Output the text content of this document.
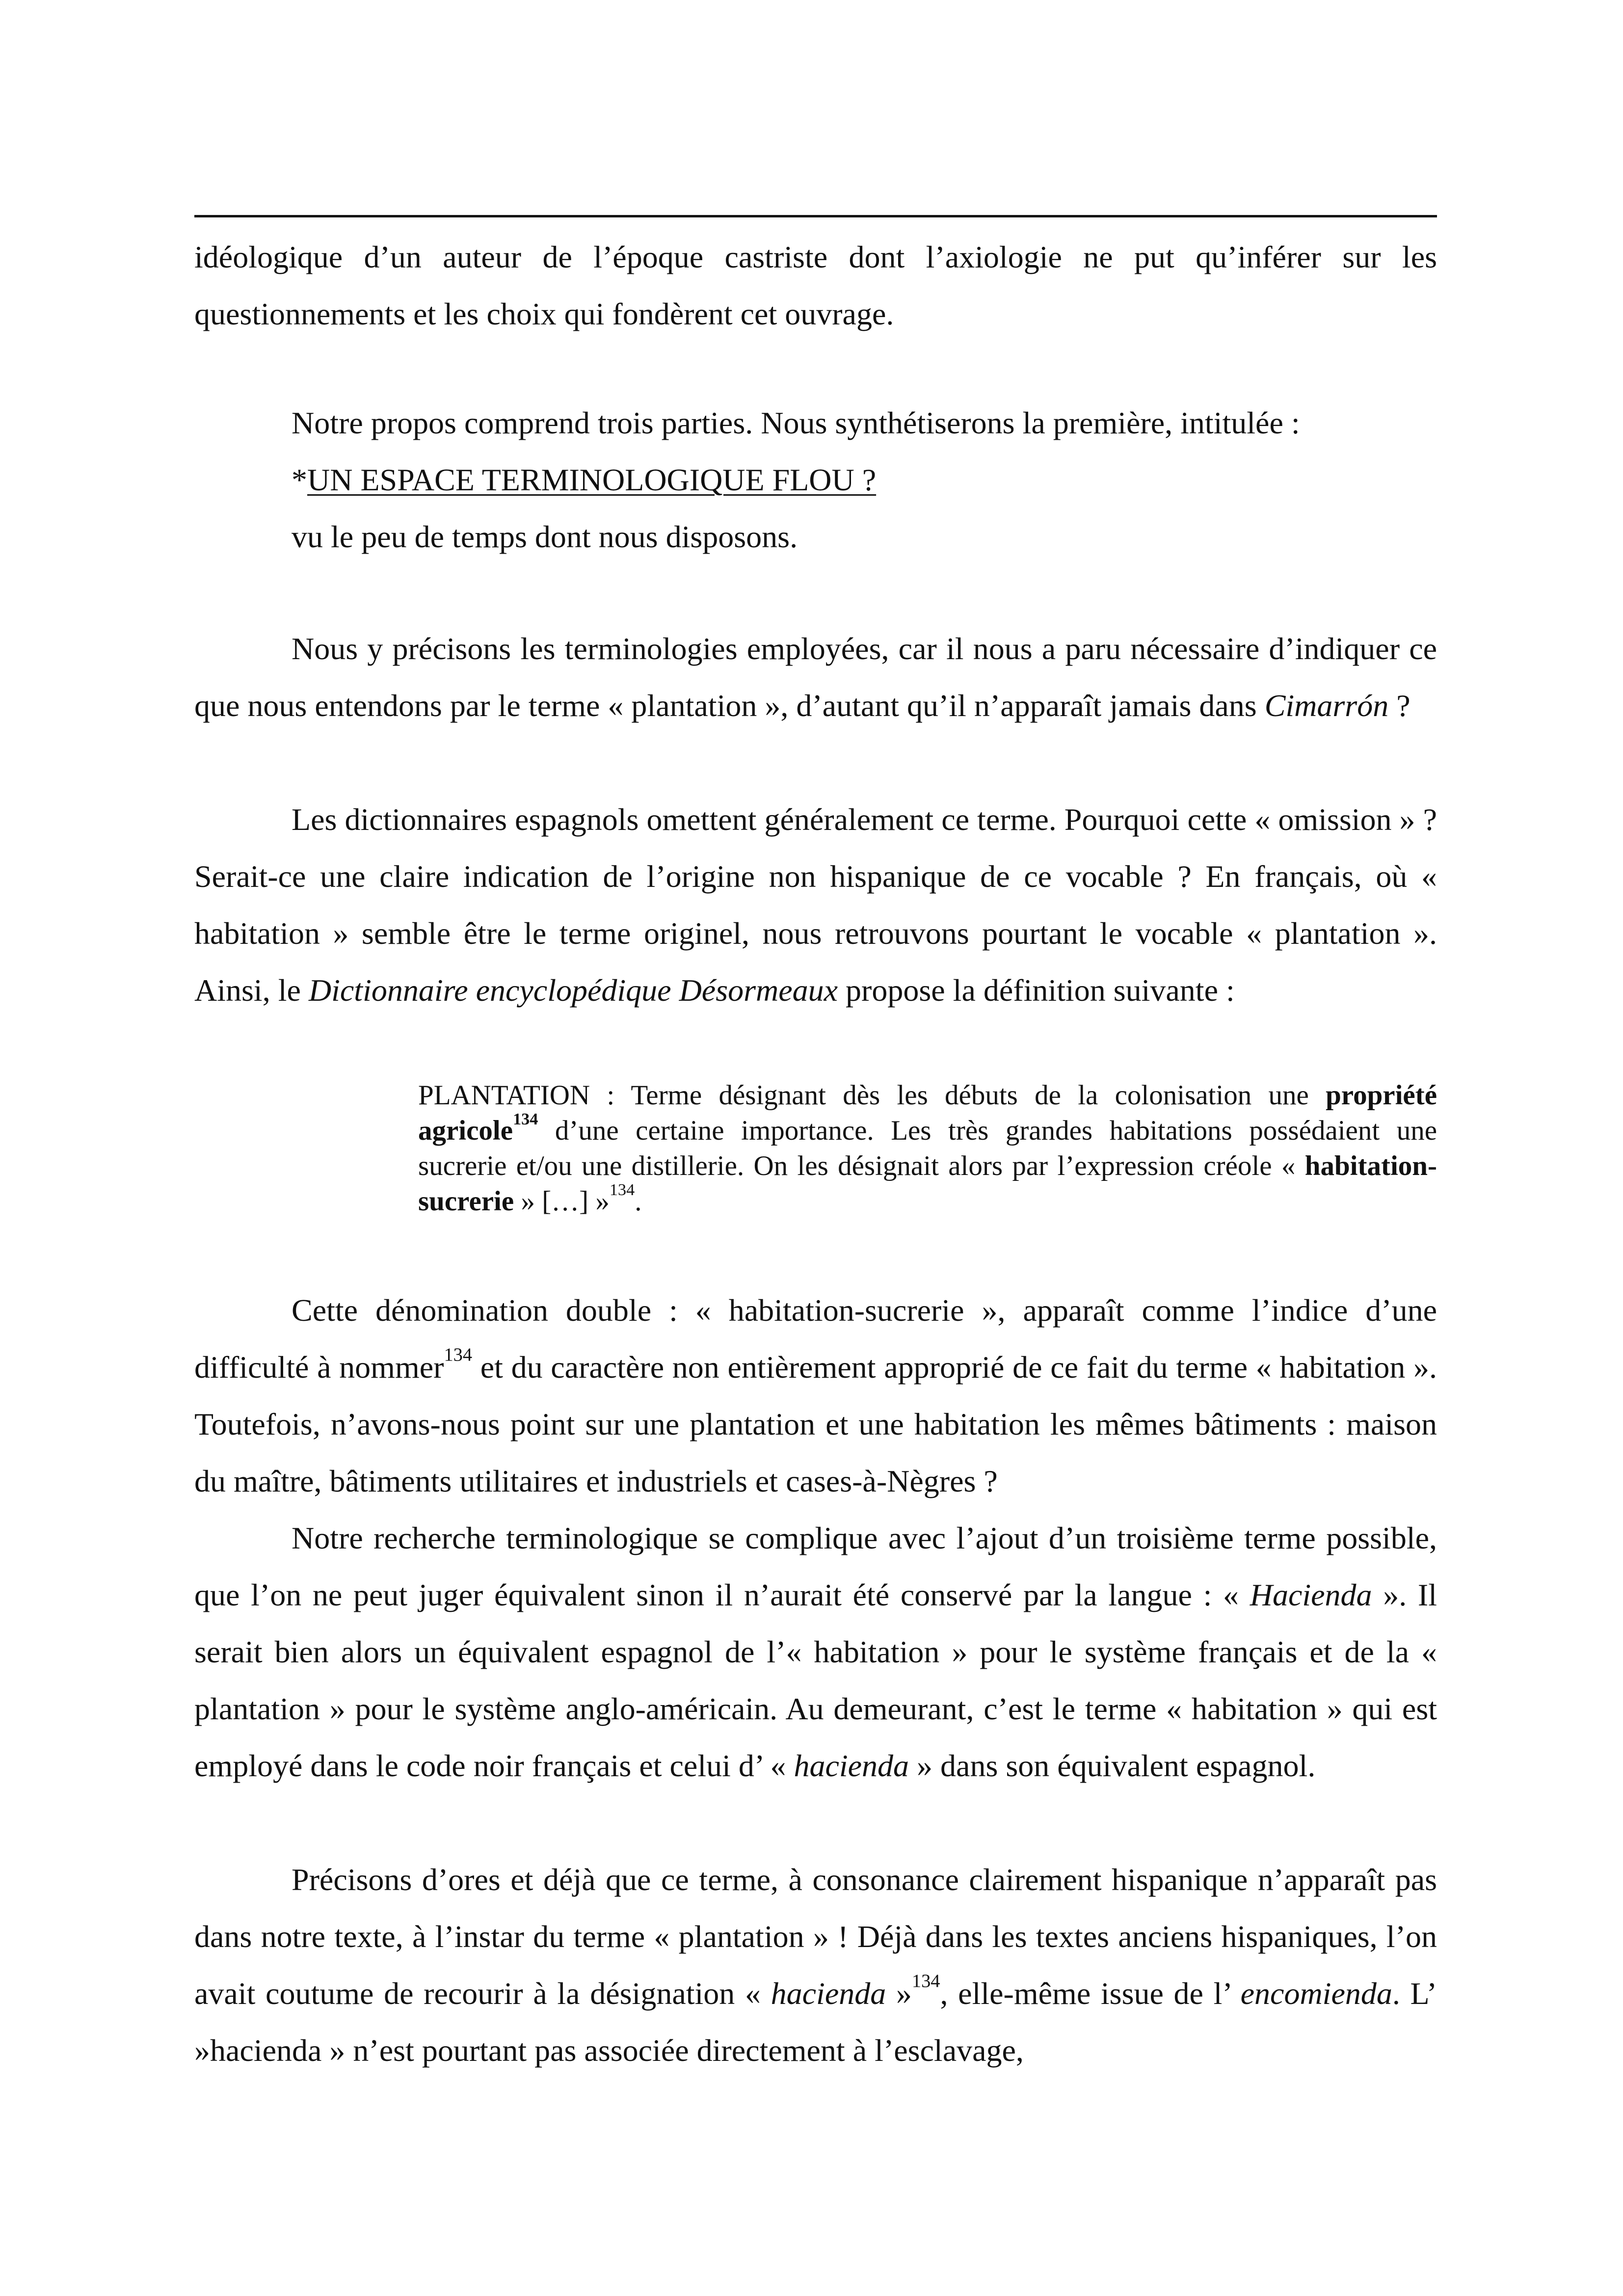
idéologique d’un auteur de l’époque castriste dont l’axiologie ne put qu’inférer sur les questionnements et les choix qui fondèrent cet ouvrage.

Notre propos comprend trois parties. Nous synthétiserons la première, intitulée :

*UN ESPACE TERMINOLOGIQUE FLOU ?

vu le peu de temps dont nous disposons.

Nous y précisons les terminologies employées, car il nous a paru nécessaire d’indiquer ce que nous entendons par le terme « plantation », d’autant qu’il n’apparaît jamais dans Cimarrón ?

Les dictionnaires espagnols omettent généralement ce terme. Pourquoi cette « omission » ? Serait-ce une claire indication de l’origine non hispanique de ce vocable ? En français, où « habitation » semble être le terme originel, nous retrouvons pourtant le vocable « plantation ». Ainsi, le Dictionnaire encyclopédique Désormeaux propose la définition suivante :

PLANTATION : Terme désignant dès les débuts de la colonisation une propriété agricole$^{134}$ d’une certaine importance. Les très grandes habitations possédaient une sucrerie et/ou une distillerie. On les désignait alors par l’expression créole « habitation-sucrerie » […] »$^{134}$.

Cette dénomination double : « habitation-sucrerie », apparaît comme l’indice d’une difficulté à nommer$^{134}$ et du caractère non entièrement approprié de ce fait du terme « habitation ». Toutefois, n’avons-nous point sur une plantation et une habitation les mêmes bâtiments : maison du maître, bâtiments utilitaires et industriels et cases-à-Nègres ?

Notre recherche terminologique se complique avec l’ajout d’un troisième terme possible, que l’on ne peut juger équivalent sinon il n’aurait été conservé par la langue : « Hacienda ». Il serait bien alors un équivalent espagnol de l’« habitation » pour le système français et de la « plantation » pour le système anglo-américain. Au demeurant, c’est le terme « habitation » qui est employé dans le code noir français et celui d’ « hacienda » dans son équivalent espagnol.

Précisons d’ores et déjà que ce terme, à consonance clairement hispanique n’apparaît pas dans notre texte, à l’instar du terme « plantation » ! Déjà dans les textes anciens hispaniques, l’on avait coutume de recourir à la désignation « hacienda »$^{134}$, elle-même issue de l’ encomienda. L’ »hacienda » n’est pourtant pas associée directement à l’esclavage,
